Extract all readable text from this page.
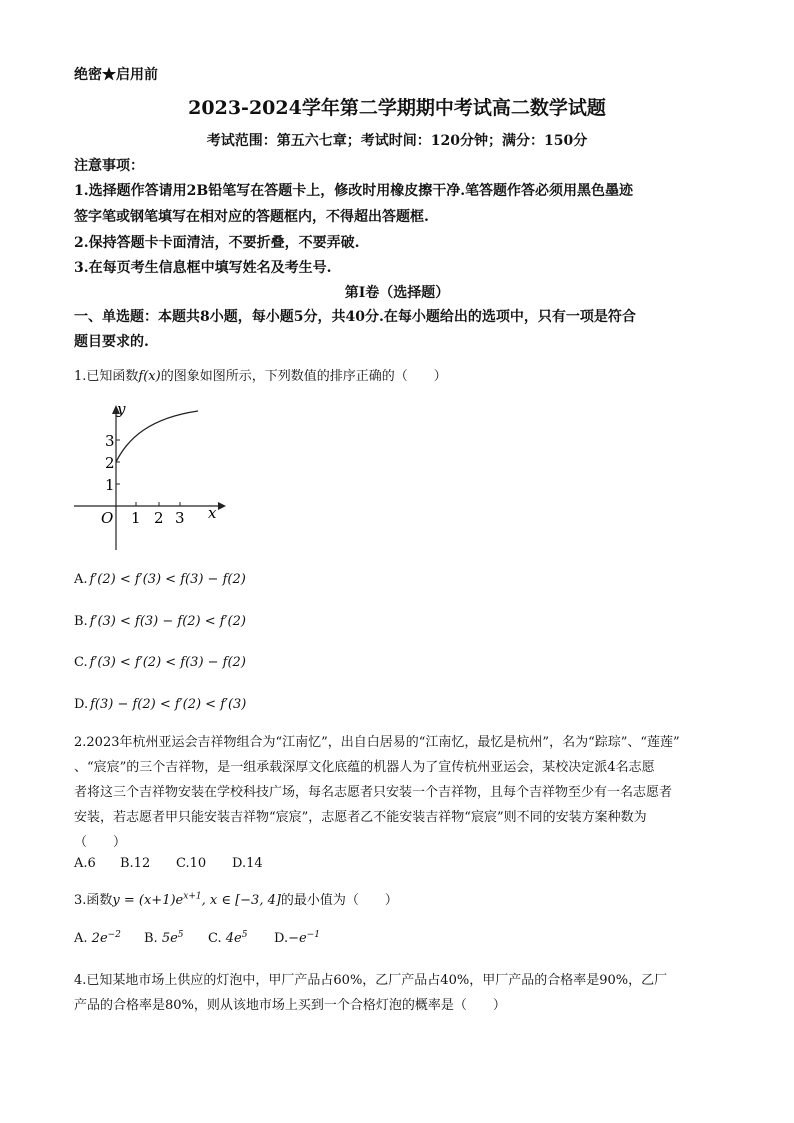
绝密★启用前
2023-2024学年第二学期期中考试高二数学试题
考试范围：第五六七章；考试时间：120分钟；满分：150分
注意事项：
1.选择题作答请用2B铅笔写在答题卡上，修改时用橡皮擦干净.笔答题作答必须用黑色墨迹
签字笔或钢笔填写在相对应的答题框内，不得超出答题框.
2.保持答题卡卡面清洁，不要折叠，不要弄破.
3.在每页考生信息框中填写姓名及考生号.
第I卷（选择题）
一、单选题：本题共8小题，每小题5分，共40分.在每小题给出的选项中，只有一项是符合
题目要求的.
1.已知函数f(x)的图象如图所示，下列数值的排序正确的（　　）
y
x
O
1
2
3
1 2 3
A. f′(2) < f′(3) < f(3) − f(2)
B. f′(3) < f(3) − f(2) < f′(2)
C. f′(3) < f′(2) < f(3) − f(2)
D. f(3) − f(2) < f′(2) < f′(3)
2.2023年杭州亚运会吉祥物组合为“江南忆”，出自白居易的“江南忆，最忆是杭州”，名为“踪琮”、“莲莲”
、“宸宸”的三个吉祥物，是一组承载深厚文化底蕴的机器人为了宣传杭州亚运会，某校决定派4名志愿
者将这三个吉祥物安装在学校科技广场，每名志愿者只安装一个吉祥物，且每个吉祥物至少有一名志愿者
安装，若志愿者甲只能安装吉祥物“宸宸”，志愿者乙不能安装吉祥物“宸宸”则不同的安装方案种数为
（　　）
A.6 B.12 C.10 D.14
3.函数$y = (x+1)e^{x+1}$, x ∈ [−3, 4]的最小值为（　　）
A. $2e^{-2}$ B. $5e^5$ C. $4e^5$ $D.-e^{-1}$
4.已知某地市场上供应的灯泡中，甲厂产品占60%，乙厂产品占40%，甲厂产品的合格率是90%，乙厂
产品的合格率是80%，则从该地市场上买到一个合格灯泡的概率是（　　）
